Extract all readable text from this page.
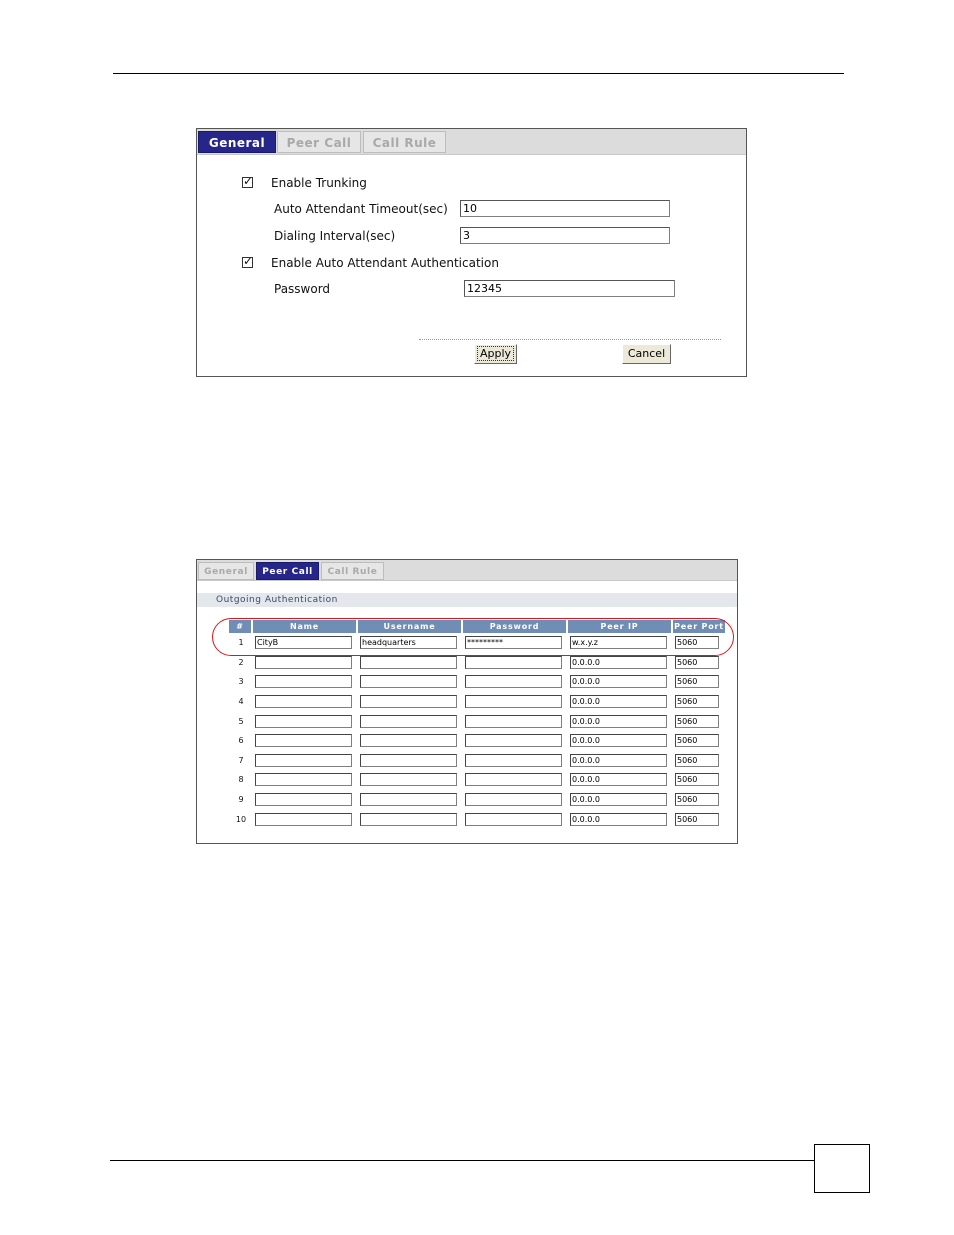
General	Peer Call	Call Rule
✓ Enable Trunking
Auto Attendant Timeout(sec) 10
Dialing Interval(sec)	3
✓ Enable Auto Attendant Authentication
Password	12345
Apply	Cancel
General	Peer Call	Call Rule
Outgoing Authentication
#	Name	Username	Password	Peer IP	Peer Port
1	CityB	headquarters	*********	w.x.y.z	5060

2				0.0.0.0	5060

3				0.0.0.0	5060

4				0.0.0.0	5060

5				0.0.0.0	5060

6				0.0.0.0	5060

7				0.0.0.0	5060

8				0.0.0.0	5060

9				0.0.0.0	5060

10				0.0.0.0	5060
